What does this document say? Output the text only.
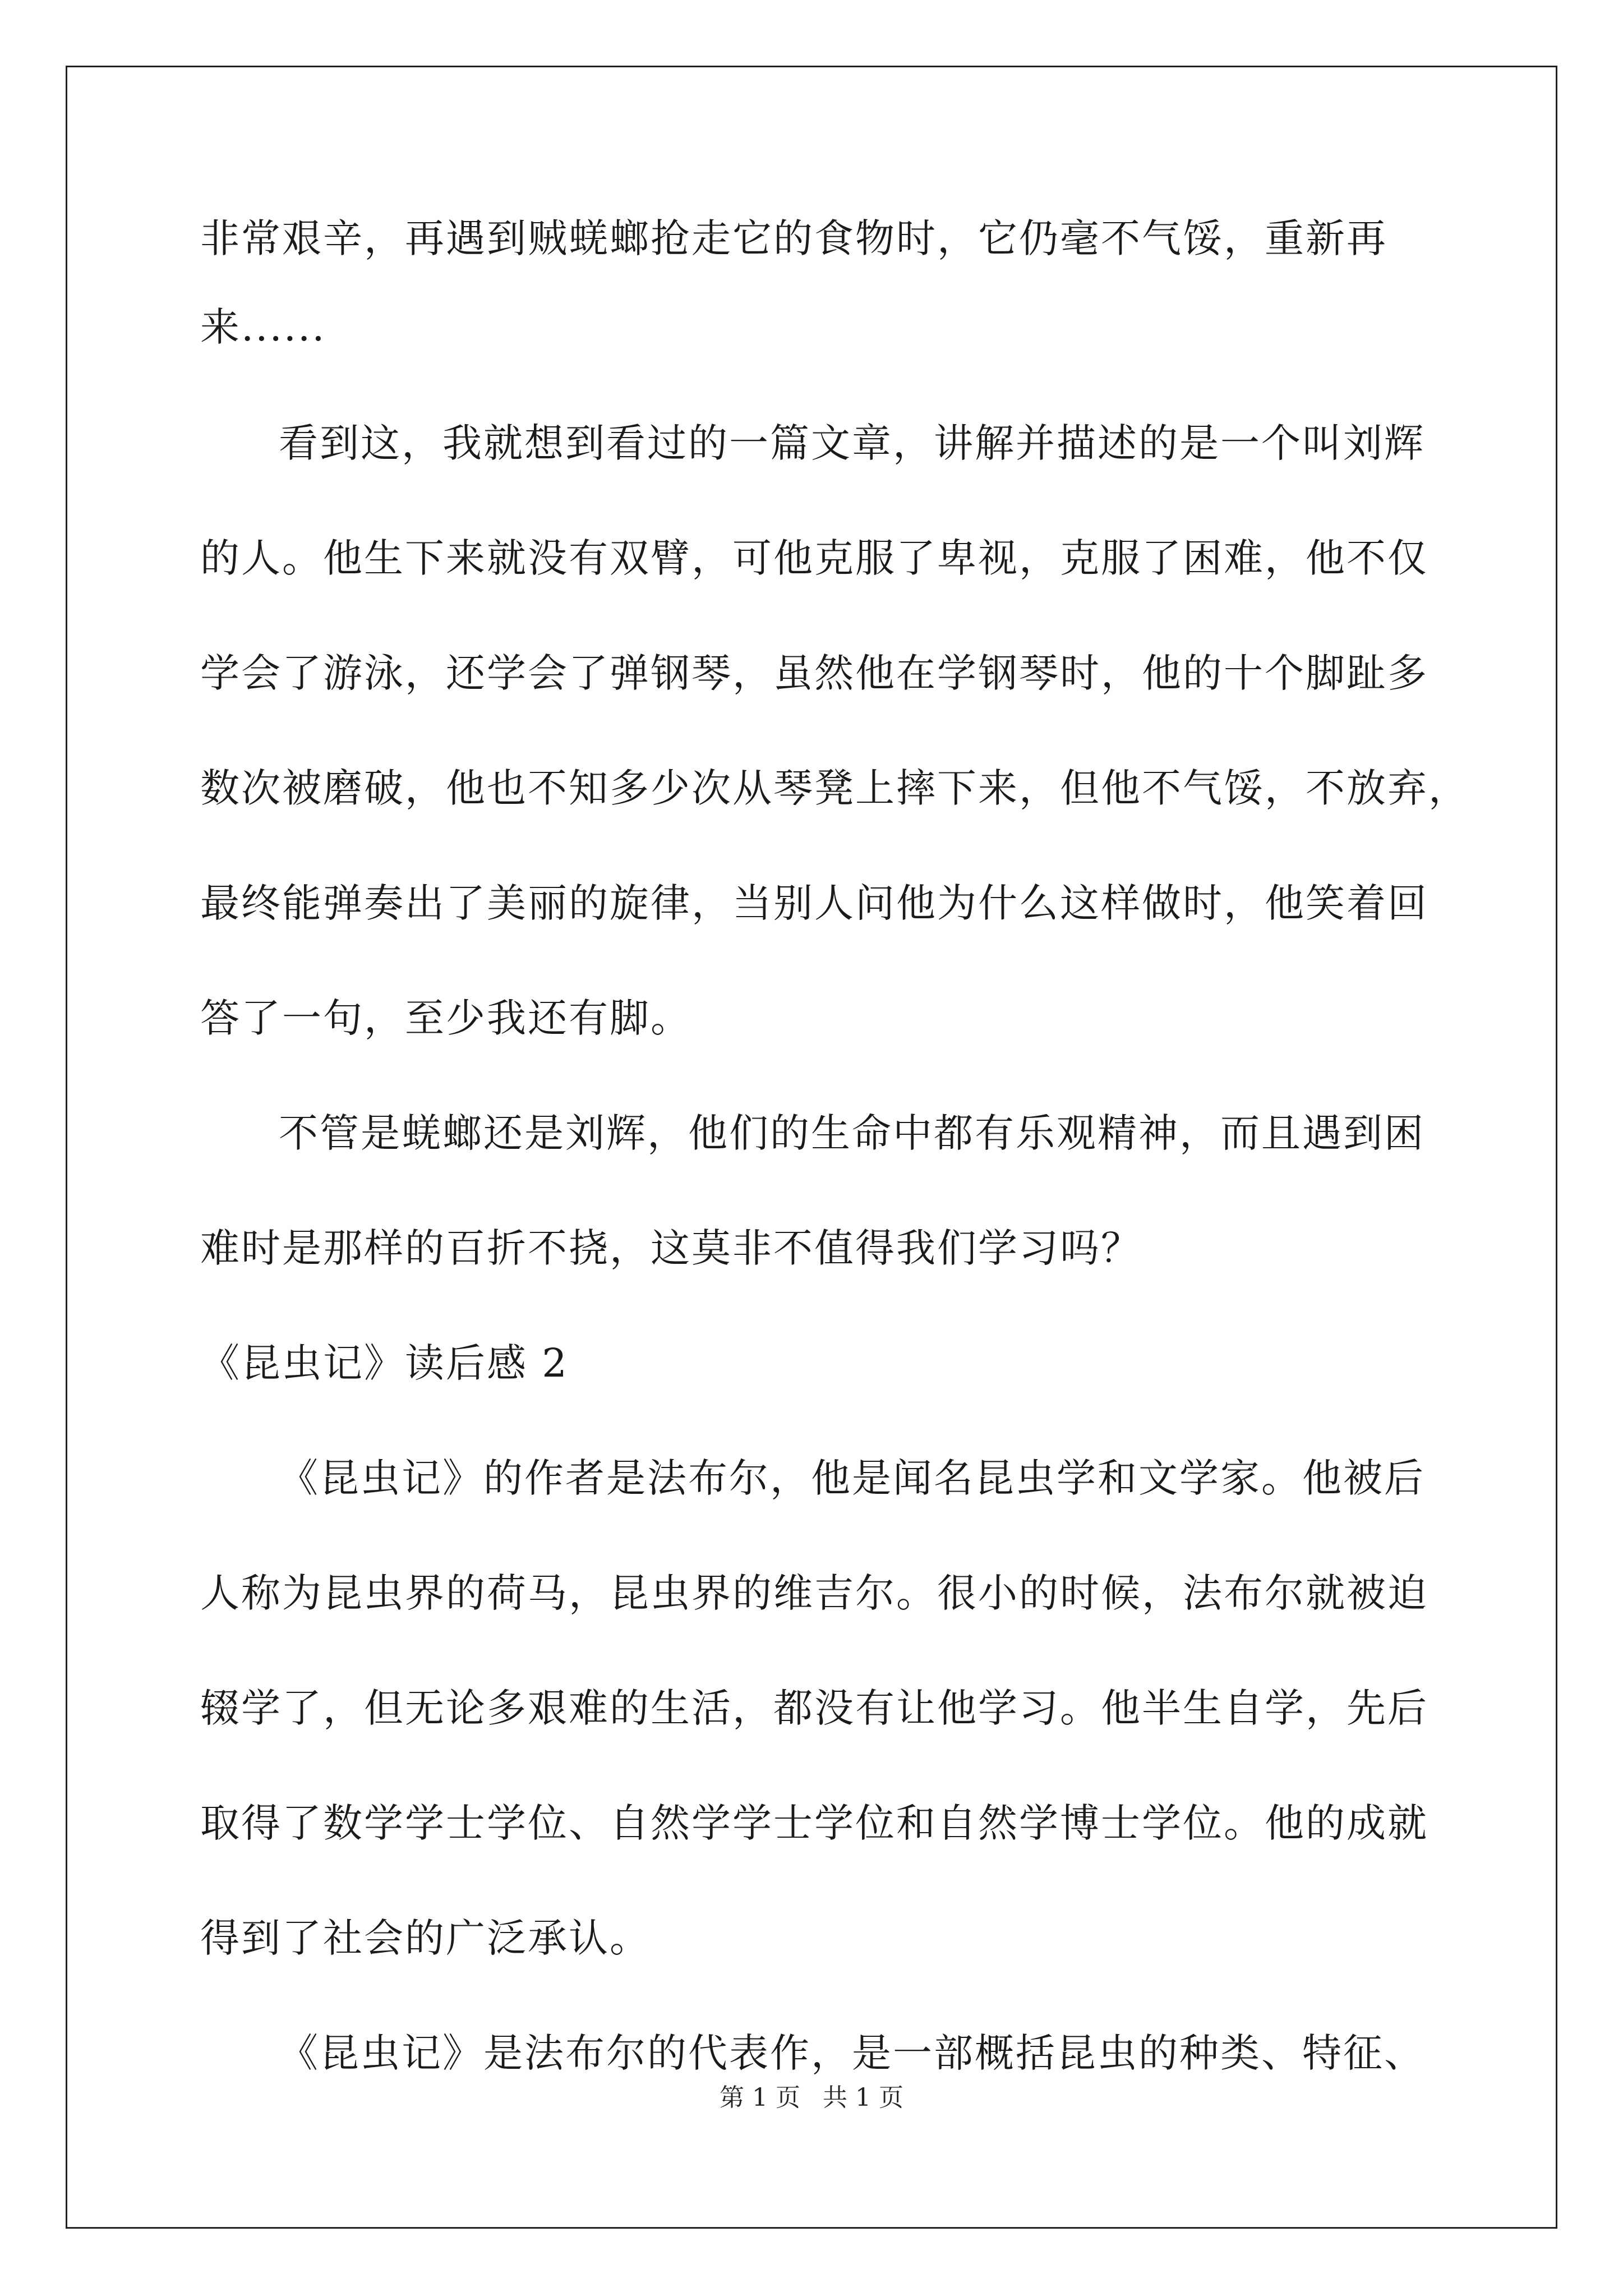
非常艰辛，再遇到贼蜣螂抢走它的食物时，它仍毫不气馁，重新再
来......
看到这，我就想到看过的一篇文章，讲解并描述的是一个叫刘辉
的人。他生下来就没有双臂，可他克服了卑视，克服了困难，他不仅
学会了游泳，还学会了弹钢琴，虽然他在学钢琴时，他的十个脚趾多
数次被磨破，他也不知多少次从琴凳上摔下来，但他不气馁，不放弃，
最终能弹奏出了美丽的旋律，当别人问他为什么这样做时，他笑着回
答了一句，至少我还有脚。
不管是蜣螂还是刘辉，他们的生命中都有乐观精神，而且遇到困
难时是那样的百折不挠，这莫非不值得我们学习吗？
《昆虫记》读后感 2
《昆虫记》的作者是法布尔，他是闻名昆虫学和文学家。他被后
人称为昆虫界的荷马，昆虫界的维吉尔。很小的时候，法布尔就被迫
辍学了，但无论多艰难的生活，都没有让他学习。他半生自学，先后
取得了数学学士学位、自然学学士学位和自然学博士学位。他的成就
得到了社会的广泛承认。
《昆虫记》是法布尔的代表作，是一部概括昆虫的种类、特征、
第 1 页 共 1 页
